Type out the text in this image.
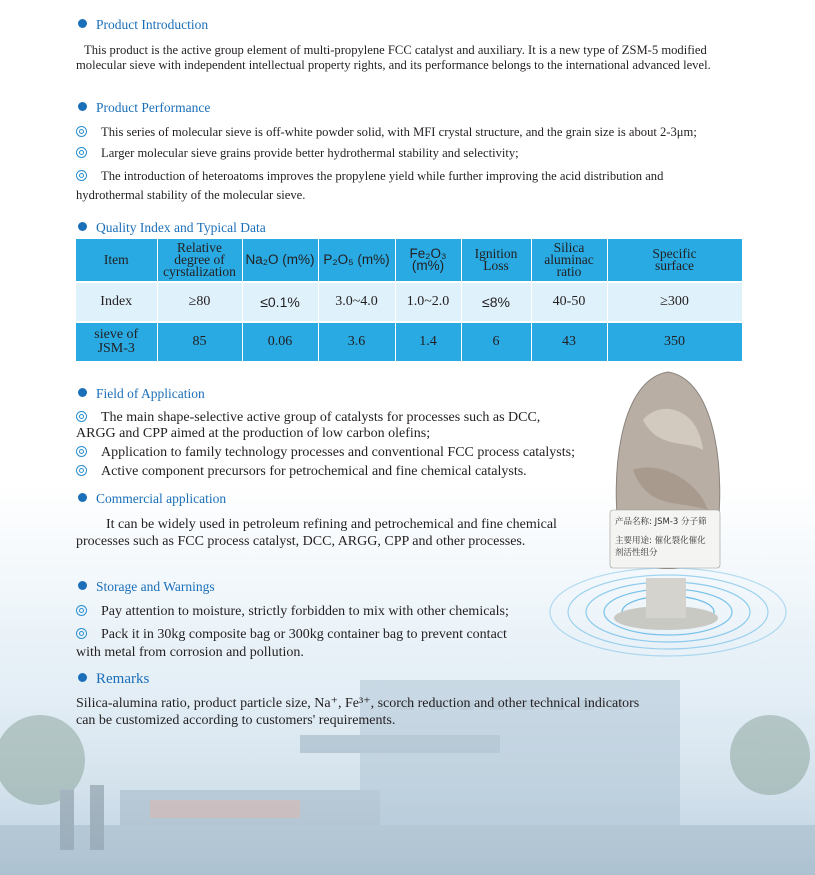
Product Introduction
This product is the active group element of multi-propylene FCC catalyst and auxiliary. It is a new type of ZSM-5 modified molecular sieve with independent intellectual property rights, and its performance belongs to the international advanced level.
Product Performance
This series of molecular sieve is off-white powder solid, with MFI crystal structure, and the grain size is about 2-3μm;
Larger molecular sieve grains provide better hydrothermal stability and selectivity;
The introduction of heteroatoms improves the propylene yield while further improving the acid distribution and
hydrothermal stability of the molecular sieve.
Quality Index and Typical Data
Item	Relative degree of cyrstalization	Na₂O (m%)	P₂O₅ (m%)	Fe₂O₃ (m%)	Ignition Loss	Silica aluminac ratio	Specific surface
Index	≥80	≤0.1%	3.0~4.0	1.0~2.0	≤8%	40-50	≥300
sieve of JSM-3	85	0.06	3.6	1.4	6	43	350
Field of Application
The main shape-selective active group of catalysts for processes such as DCC,
ARGG and CPP aimed at the production of low carbon olefins;
Application to family technology processes and conventional FCC process catalysts;
Active component precursors for petrochemical and fine chemical catalysts.
Commercial application
It can be widely used in petroleum refining and petrochemical and fine chemical processes such as FCC process catalyst, DCC, ARGG, CPP and other processes.
Storage and Warnings
Pay attention to moisture, strictly forbidden to mix with other chemicals;
Pack it in 30kg composite bag or 300kg container bag to prevent contact
with metal from corrosion and pollution.
Remarks
Silica-alumina ratio, product particle size, Na⁺, Fe³⁺, scorch reduction and other technical indicators can be customized according to customers' requirements.
产品名称: JSM-3 分子筛
主要用途: 催化裂化催化
剂活性组分
